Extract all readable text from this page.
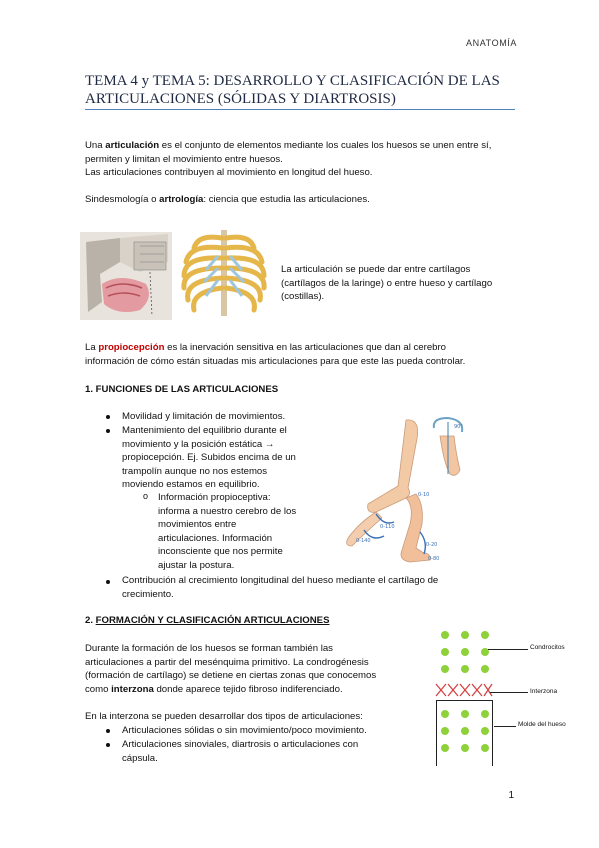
ANATOMÍA
TEMA 4 y TEMA 5: DESARROLLO Y CLASIFICACIÓN DE LAS
ARTICULACIONES (SÓLIDAS Y DIARTROSIS)
Una articulación es el conjunto de elementos mediante los cuales los huesos se unen entre sí,
permiten y limitan el movimiento entre huesos.
Las articulaciones contribuyen al movimiento en longitud del hueso.
Sindesmología o artrología: ciencia que estudia las articulaciones.
La articulación se puede dar entre cartílagos
(cartílagos de la laringe) o entre hueso y cartílago
(costillas).
La propiocepción es la inervación sensitiva en las articulaciones que dan al cerebro
información de cómo están situadas mis articulaciones para que este las pueda controlar.
1. FUNCIONES DE LAS ARTICULACIONES
Movilidad y limitación de movimientos.
Mantenimiento del equilibrio durante el
movimiento y la posición estática →
propiocepción. Ej. Subidos encima de un
trampolín aunque no nos estemos
moviendo estamos en equilibrio.
o Información propioceptiva:
informa a nuestro cerebro de los
movimientos entre
articulaciones. Información
inconsciente que nos permite
ajustar la postura.
Contribución al crecimiento longitudinal del hueso mediante el cartílago de
crecimiento.
0-110
0-140
0-10
0-20
90°
0-80
2. FORMACIÓN Y CLASIFICACIÓN ARTICULACIONES
Durante la formación de los huesos se forman también las
articulaciones a partir del mesénquima primitivo. La condrogénesis
(formación de cartílago) se detiene en ciertas zonas que conocemos
como interzona donde aparece tejido fibroso indiferenciado.
En la interzona se pueden desarrollar dos tipos de articulaciones:
Articulaciones sólidas o sin movimiento/poco movimiento.
Articulaciones sinoviales, diartrosis o articulaciones con
cápsula.
Condrocitos
Interzona
Molde del hueso
1
